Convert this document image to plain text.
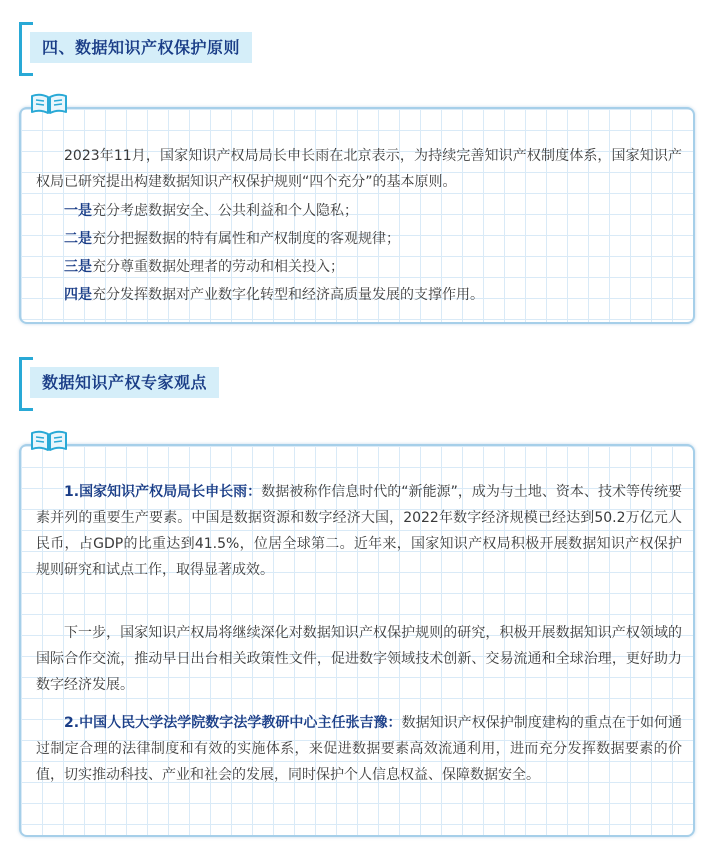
四、数据知识产权保护原则

2023年11月，国家知识产权局局长申长雨在北京表示，为持续完善知识产权制度体系，国家知识产权局已研究提出构建数据知识产权保护规则“四个充分”的基本原则。

一是充分考虑数据安全、公共利益和个人隐私；

二是充分把握数据的特有属性和产权制度的客观规律；

三是充分尊重数据处理者的劳动和相关投入；

四是充分发挥数据对产业数字化转型和经济高质量发展的支撑作用。

数据知识产权专家观点

1.国家知识产权局局长申长雨：数据被称作信息时代的“新能源”，成为与土地、资本、技术等传统要素并列的重要生产要素。中国是数据资源和数字经济大国，2022年数字经济规模已经达到50.2万亿元人民币，占GDP的比重达到41.5%，位居全球第二。近年来，国家知识产权局积极开展数据知识产权保护规则研究和试点工作，取得显著成效。

下一步，国家知识产权局将继续深化对数据知识产权保护规则的研究，积极开展数据知识产权领域的国际合作交流，推动早日出台相关政策性文件，促进数字领域技术创新、交易流通和全球治理，更好助力数字经济发展。

2.中国人民大学法学院数字法学教研中心主任张吉豫：数据知识产权保护制度建构的重点在于如何通过制定合理的法律制度和有效的实施体系，来促进数据要素高效流通利用，进而充分发挥数据要素的价值，切实推动科技、产业和社会的发展，同时保护个人信息权益、保障数据安全。
